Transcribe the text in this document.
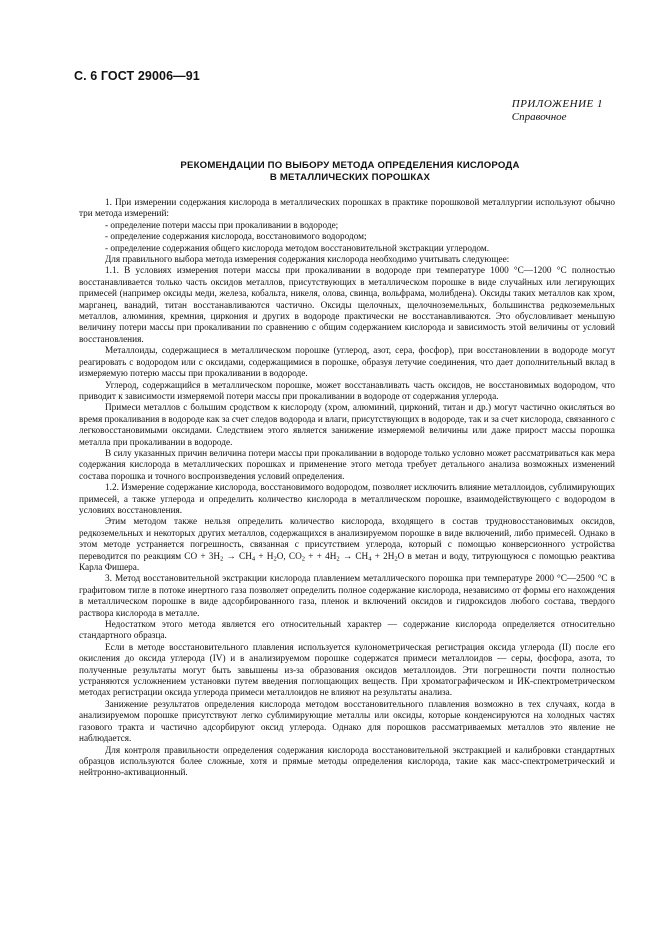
С. 6 ГОСТ 29006—91
ПРИЛОЖЕНИЕ 1
Справочное
РЕКОМЕНДАЦИИ ПО ВЫБОРУ МЕТОДА ОПРЕДЕЛЕНИЯ КИСЛОРОДА
В МЕТАЛЛИЧЕСКИХ ПОРОШКАХ

1. При измерении содержания кислорода в металлических порошках в практике порошковой металлургии используют обычно три метода измерений:

- определение потери массы при прокаливании в водороде;

- определение содержания кислорода, восстановимого водородом;

- определение содержания общего кислорода методом восстановительной экстракции углеродом.

Для правильного выбора метода измерения содержания кислорода необходимо учитывать следующее:

1.1. В условиях измерения потери массы при прокаливании в водороде при температуре 1000 °С—1200 °С полностью восстанавливается только часть оксидов металлов, присутствующих в металлическом порошке в виде случайных или легирующих примесей (например оксиды меди, железа, кобальта, никеля, олова, свинца, вольфрама, молибдена). Оксиды таких металлов как хром, марганец, ванадий, титан восстанавливаются частично. Оксиды щелочных, щелочноземельных, большинства редкоземельных металлов, алюминия, кремния, циркония и других в водороде практически не восстанавливаются. Это обусловливает меньшую величину потери массы при прокаливании по сравнению с общим содержанием кислорода и зависимость этой величины от условий восстановления.

Металлоиды, содержащиеся в металлическом порошке (углерод, азот, сера, фосфор), при восстановлении в водороде могут реагировать с водородом или с оксидами, содержащимися в порошке, образуя летучие соединения, что дает дополнительный вклад в измеряемую потерю массы при прокаливании в водороде.

Углерод, содержащийся в металлическом порошке, может восстанавливать часть оксидов, не восстановимых водородом, что приводит к зависимости измеряемой потери массы при прокаливании в водороде от содержания углерода.

Примеси металлов с большим сродством к кислороду (хром, алюминий, цирконий, титан и др.) могут частично окисляться во время прокаливания в водороде как за счет следов водорода и влаги, присутствующих в водороде, так и за счет кислорода, связанного с легковосстановимыми оксидами. Следствием этого является занижение измеряемой величины или даже прирост массы порошка металла при прокаливании в водороде.

В силу указанных причин величина потери массы при прокаливании в водороде только условно может рассматриваться как мера содержания кислорода в металлических порошках и применение этого метода требует детального анализа возможных изменений состава порошка и точного воспроизведения условий определения.

1.2. Измерение содержание кислорода, восстановимого водородом, позволяет исключить влияние металлоидов, сублимирующих примесей, а также углерода и определить количество кислорода в металлическом порошке, взаимодействующего с водородом в условиях восстановления.

Этим методом также нельзя определить количество кислорода, входящего в состав трудновосстановимых оксидов, редкоземельных и некоторых других металлов, содержащихся в анализируемом порошке в виде включений, либо примесей. Однако в этом методе устраняется погрешность, связанная с присутствием углерода, который с помощью конверсионного устройства переводится по реакциям CO + $3H_2 \to CH_4 + H_2O$, $CO_2$ + + $4H_2 \to CH_4 + 2H_2O$ в метан и воду, титрующуюся с помощью реактива Карла Фишера.

3. Метод восстановительной экстракции кислорода плавлением металлического порошка при температуре 2000 °С—2500 °С в графитовом тигле в потоке инертного газа позволяет определить полное содержание кислорода, независимо от формы его нахождения в металлическом порошке в виде адсорбированного газа, пленок и включений оксидов и гидроксидов любого состава, твердого раствора кислорода в металле.

Недостатком этого метода является его относительный характер — содержание кислорода определяется относительно стандартного образца.

Если в методе восстановительного плавления используется кулонометрическая регистрация оксида углерода (II) после его окисления до оксида углерода (IV) и в анализируемом порошке содержатся примеси металлоидов — серы, фосфора, азота, то полученные результаты могут быть завышены из-за образования оксидов металлоидов. Эти погрешности почти полностью устраняются усложнением установки путем введения поглощающих веществ. При хроматографическом и ИК-спектрометрическом методах регистрации оксида углерода примеси металлоидов не влияют на результаты анализа.

Занижение результатов определения кислорода методом восстановительного плавления возможно в тех случаях, когда в анализируемом порошке присутствуют легко сублимирующие металлы или оксиды, которые конденсируются на холодных частях газового тракта и частично адсорбируют оксид углерода. Однако для порошков рассматриваемых металлов это явление не наблюдается.

Для контроля правильности определения содержания кислорода восстановительной экстракцией и калибровки стандартных образцов используются более сложные, хотя и прямые методы определения кислорода, такие как масс-спектрометрический и нейтронно-активационный.
